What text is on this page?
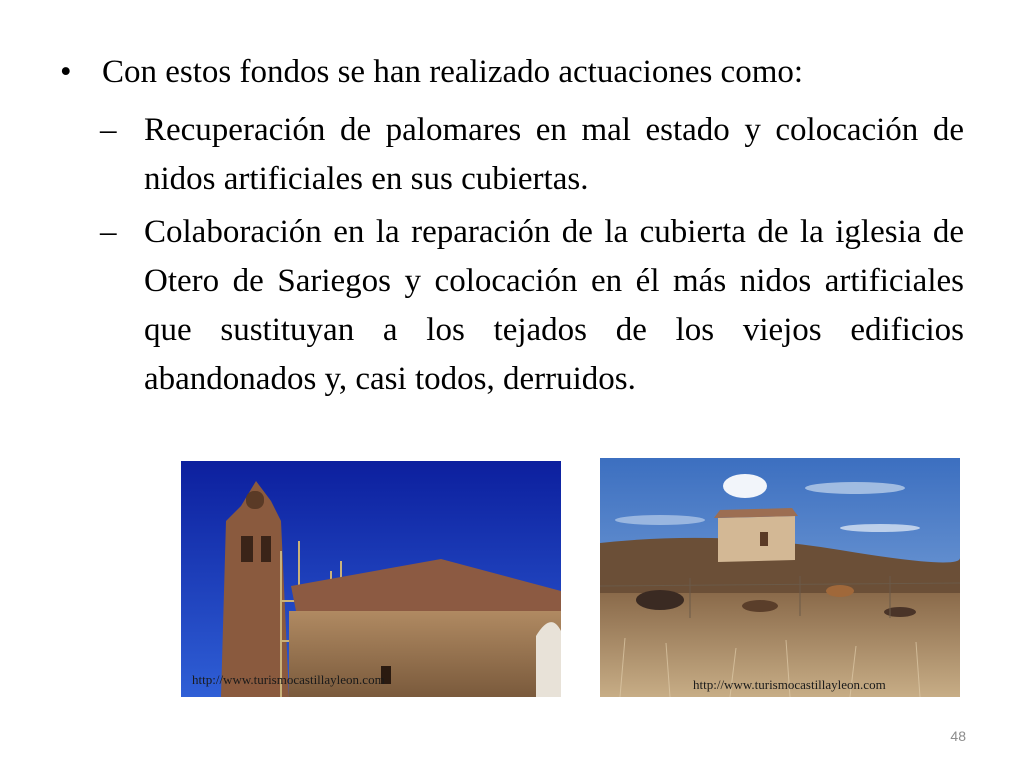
• Con estos fondos se han realizado actuaciones como:
– Recuperación de palomares en mal estado y colocación de nidos artificiales en sus cubiertas.
– Colaboración en la reparación de la cubierta de la iglesia de Otero de Sariegos y colocación en él más nidos artificiales que sustituyan a los tejados de los viejos edificios abandonados y, casi todos, derruidos.
http://www.turismocastillayleon.com	http://www.turismocastillayleon.com
48
